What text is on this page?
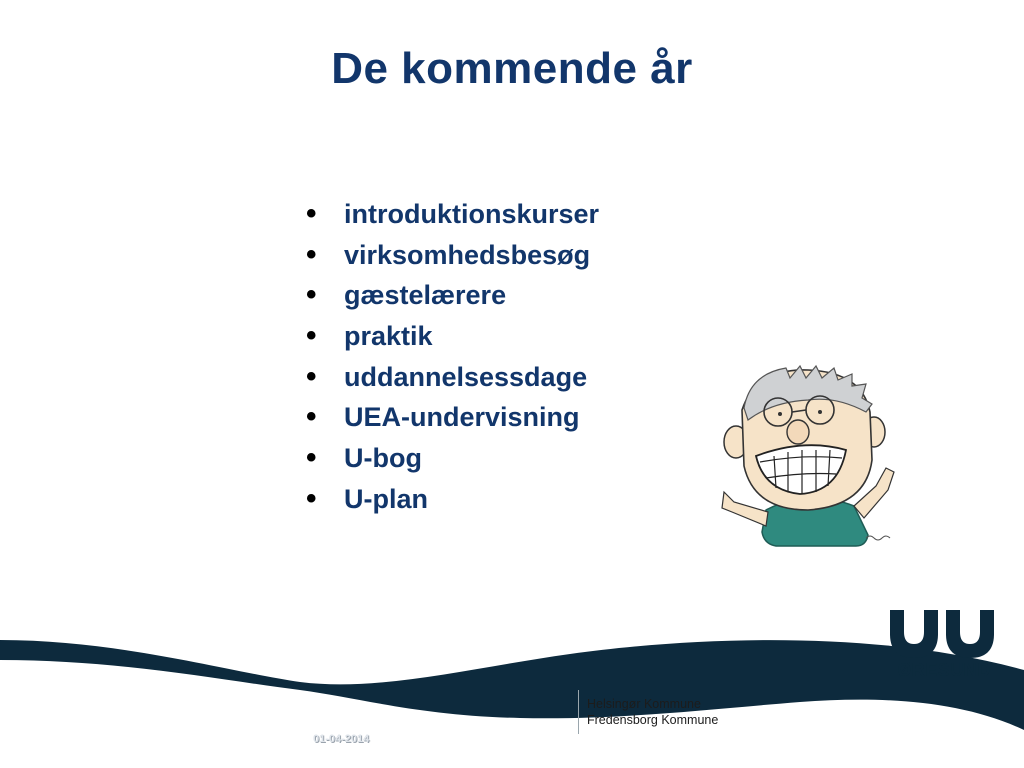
De kommende år
• introduktionskurser
• virksomhedsbesøg
• gæstelærere
• praktik
• uddannelsessdage
• UEA-undervisning
• U-bog
• U-plan
ØRESUND
Helsingør Kommune
Fredensborg Kommune
01-04-2014
